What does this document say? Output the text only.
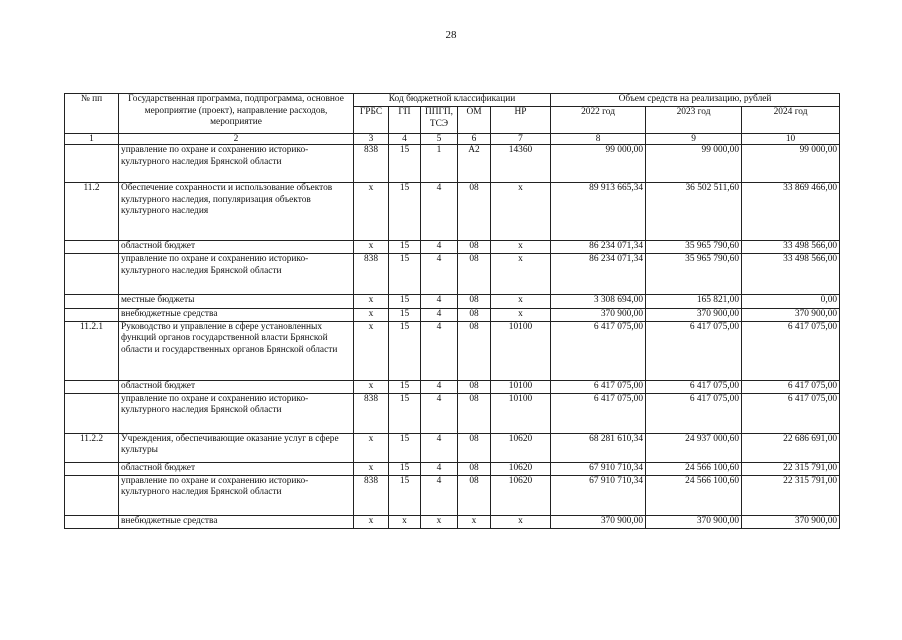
28
№ пп	Государственная программа, подпрограмма, основное мероприятие (проект), направление расходов, мероприятие	Код бюджетной классификации					Объем средств на реализацию, рублей		
		ГРБС	ГП	ППГП, ТСЭ	ОМ	НР	2022 год	2023 год	2024 год
1	2	3	4	5	6	7	8	9	10
	управление по охране и сохранению историко-культурного наследия Брянской области	838	15	1	А2	14360	99 000,00	99 000,00	99 000,00
11.2	Обеспечение сохранности и использование объектов культурного наследия, популяризация объектов культурного наследия	х	15	4	08	х	89 913 665,34	36 502 511,60	33 869 466,00
	областной бюджет	х	15	4	08	х	86 234 071,34	35 965 790,60	33 498 566,00
	управление по охране и сохранению историко-культурного наследия Брянской области	838	15	4	08	х	86 234 071,34	35 965 790,60	33 498 566,00
	местные бюджеты	х	15	4	08	х	3 308 694,00	165 821,00	0,00
	внебюджетные средства	х	15	4	08	х	370 900,00	370 900,00	370 900,00
11.2.1	Руководство и управление в сфере установленных функций органов государственной власти Брянской области и государственных органов Брянской области	х	15	4	08	10100	6 417 075,00	6 417 075,00	6 417 075,00
	областной бюджет	х	15	4	08	10100	6 417 075,00	6 417 075,00	6 417 075,00
	управление по охране и сохранению историко-культурного наследия Брянской области	838	15	4	08	10100	6 417 075,00	6 417 075,00	6 417 075,00
11.2.2	Учреждения, обеспечивающие оказание услуг в сфере культуры	х	15	4	08	10620	68 281 610,34	24 937 000,60	22 686 691,00
	областной бюджет	х	15	4	08	10620	67 910 710,34	24 566 100,60	22 315 791,00
	управление по охране и сохранению историко-культурного наследия Брянской области	838	15	4	08	10620	67 910 710,34	24 566 100,60	22 315 791,00
	внебюджетные средства	х	х	х	х	х	370 900,00	370 900,00	370 900,00
